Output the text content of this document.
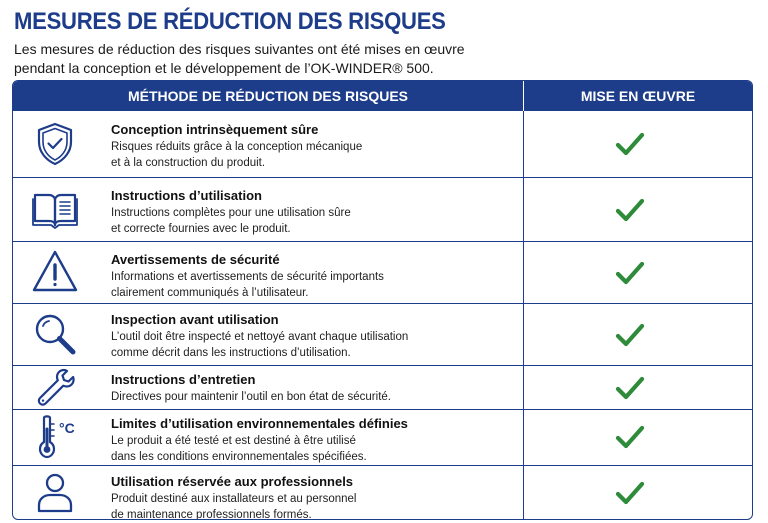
MESURES DE RÉDUCTION DES RISQUES
Les mesures de réduction des risques suivantes ont été mises en œuvre
pendant la conception et le développement de l’OK-WINDER® 500.
MÉTHODE DE RÉDUCTION DES RISQUES	MISE EN ŒUVRE
Conception intrinsèquement sûre
Risques réduits grâce à la conception mécanique
et à la construction du produit.
Instructions d’utilisation
Instructions complètes pour une utilisation sûre
et correcte fournies avec le produit.
Avertissements de sécurité
Informations et avertissements de sécurité importants
clairement communiqués à l’utilisateur.
Inspection avant utilisation
L’outil doit être inspecté et nettoyé avant chaque utilisation
comme décrit dans les instructions d’utilisation.
Instructions d’entretien
Directives pour maintenir l’outil en bon état de sécurité.
°C	Limites d’utilisation environnementales définies
Le produit a été testé et est destiné à être utilisé
dans les conditions environnementales spécifiées.
Utilisation réservée aux professionnels
Produit destiné aux installateurs et au personnel
de maintenance professionnels formés.
